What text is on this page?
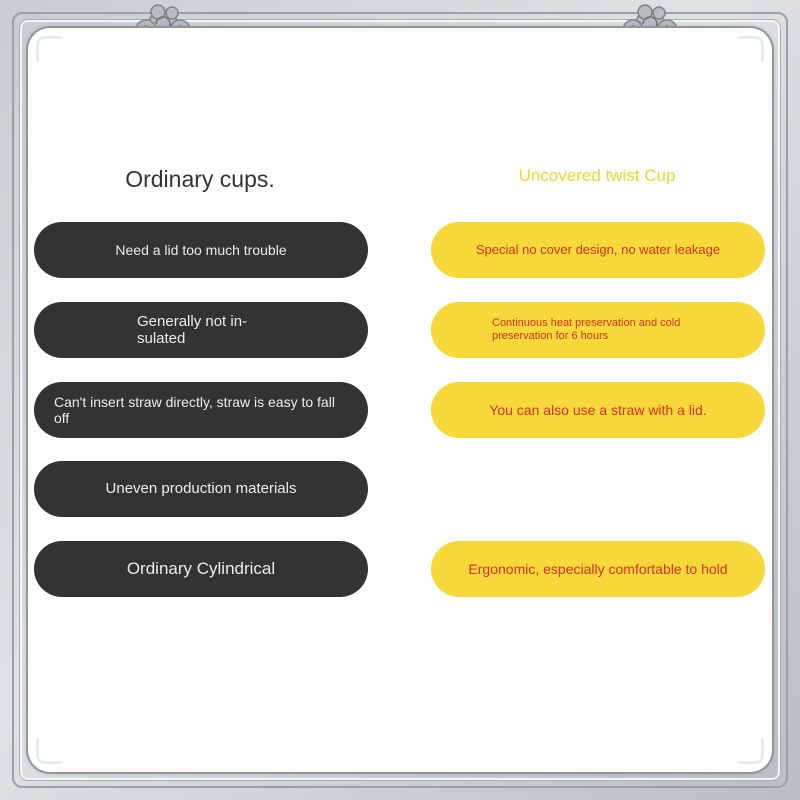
Ordinary cups.	Uncovered twist Cup
Need a lid too much trouble
Generally not in-sulated
Can't insert straw directly, straw is easy to fall off
Uneven production materials
Ordinary Cylindrical
Special no cover design, no water leakage
Continuous heat preservation and cold preservation for 6 hours
You can also use a straw with a lid.
Ergonomic, especially comfortable to hold
